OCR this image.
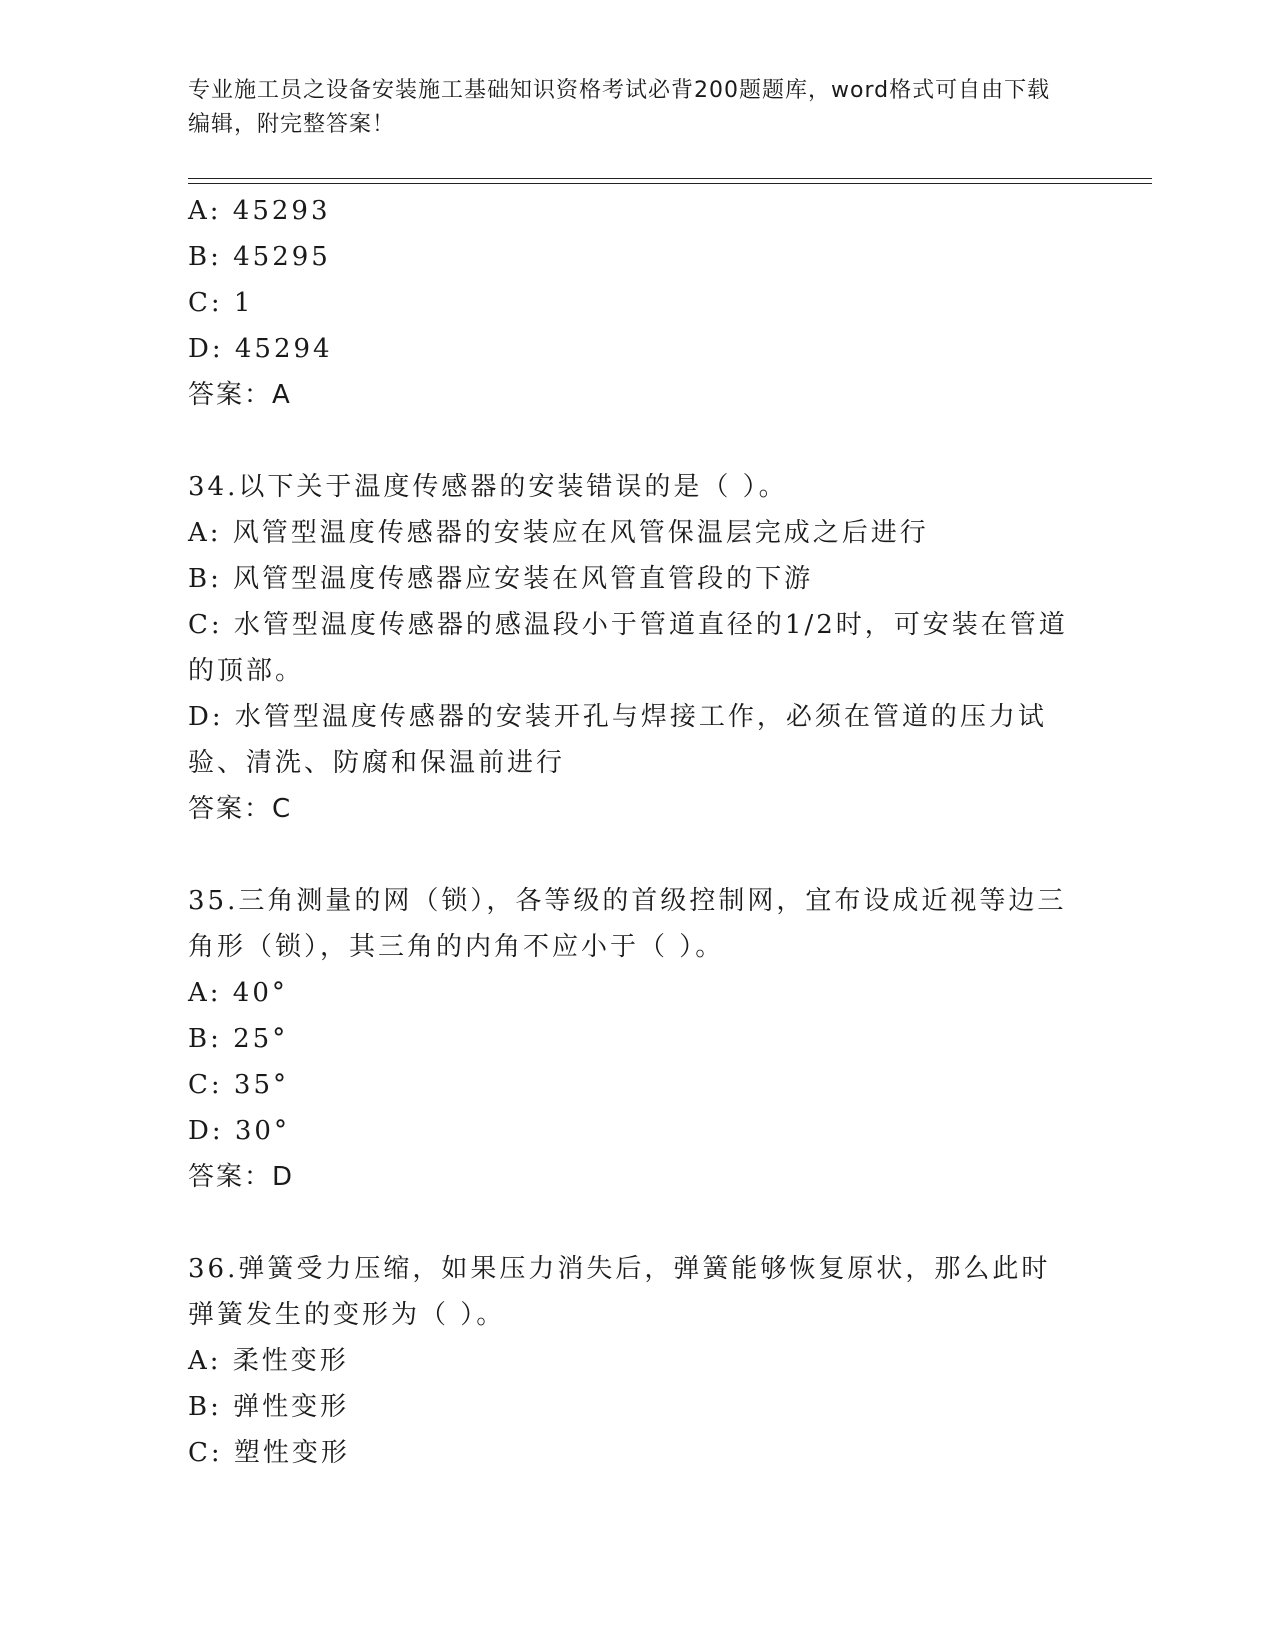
专业施工员之设备安装施工基础知识资格考试必背200题题库，word格式可自由下载编辑，附完整答案！

A: 45293

B: 45295

C: 1

D: 45294

答案：A

34.以下关于温度传感器的安装错误的是（ ）。

A: 风管型温度传感器的安装应在风管保温层完成之后进行

B: 风管型温度传感器应安装在风管直管段的下游

C: 水管型温度传感器的感温段小于管道直径的1/2时，可安装在管道的顶部。

D: 水管型温度传感器的安装开孔与焊接工作，必须在管道的压力试验、清洗、防腐和保温前进行

答案：C

35.三角测量的网（锁），各等级的首级控制网，宜布设成近视等边三角形（锁），其三角的内角不应小于（ ）。

A: 40°

B: 25°

C: 35°

D: 30°

答案：D

36.弹簧受力压缩，如果压力消失后，弹簧能够恢复原状，那么此时弹簧发生的变形为（ ）。

A: 柔性变形

B: 弹性变形

C: 塑性变形
